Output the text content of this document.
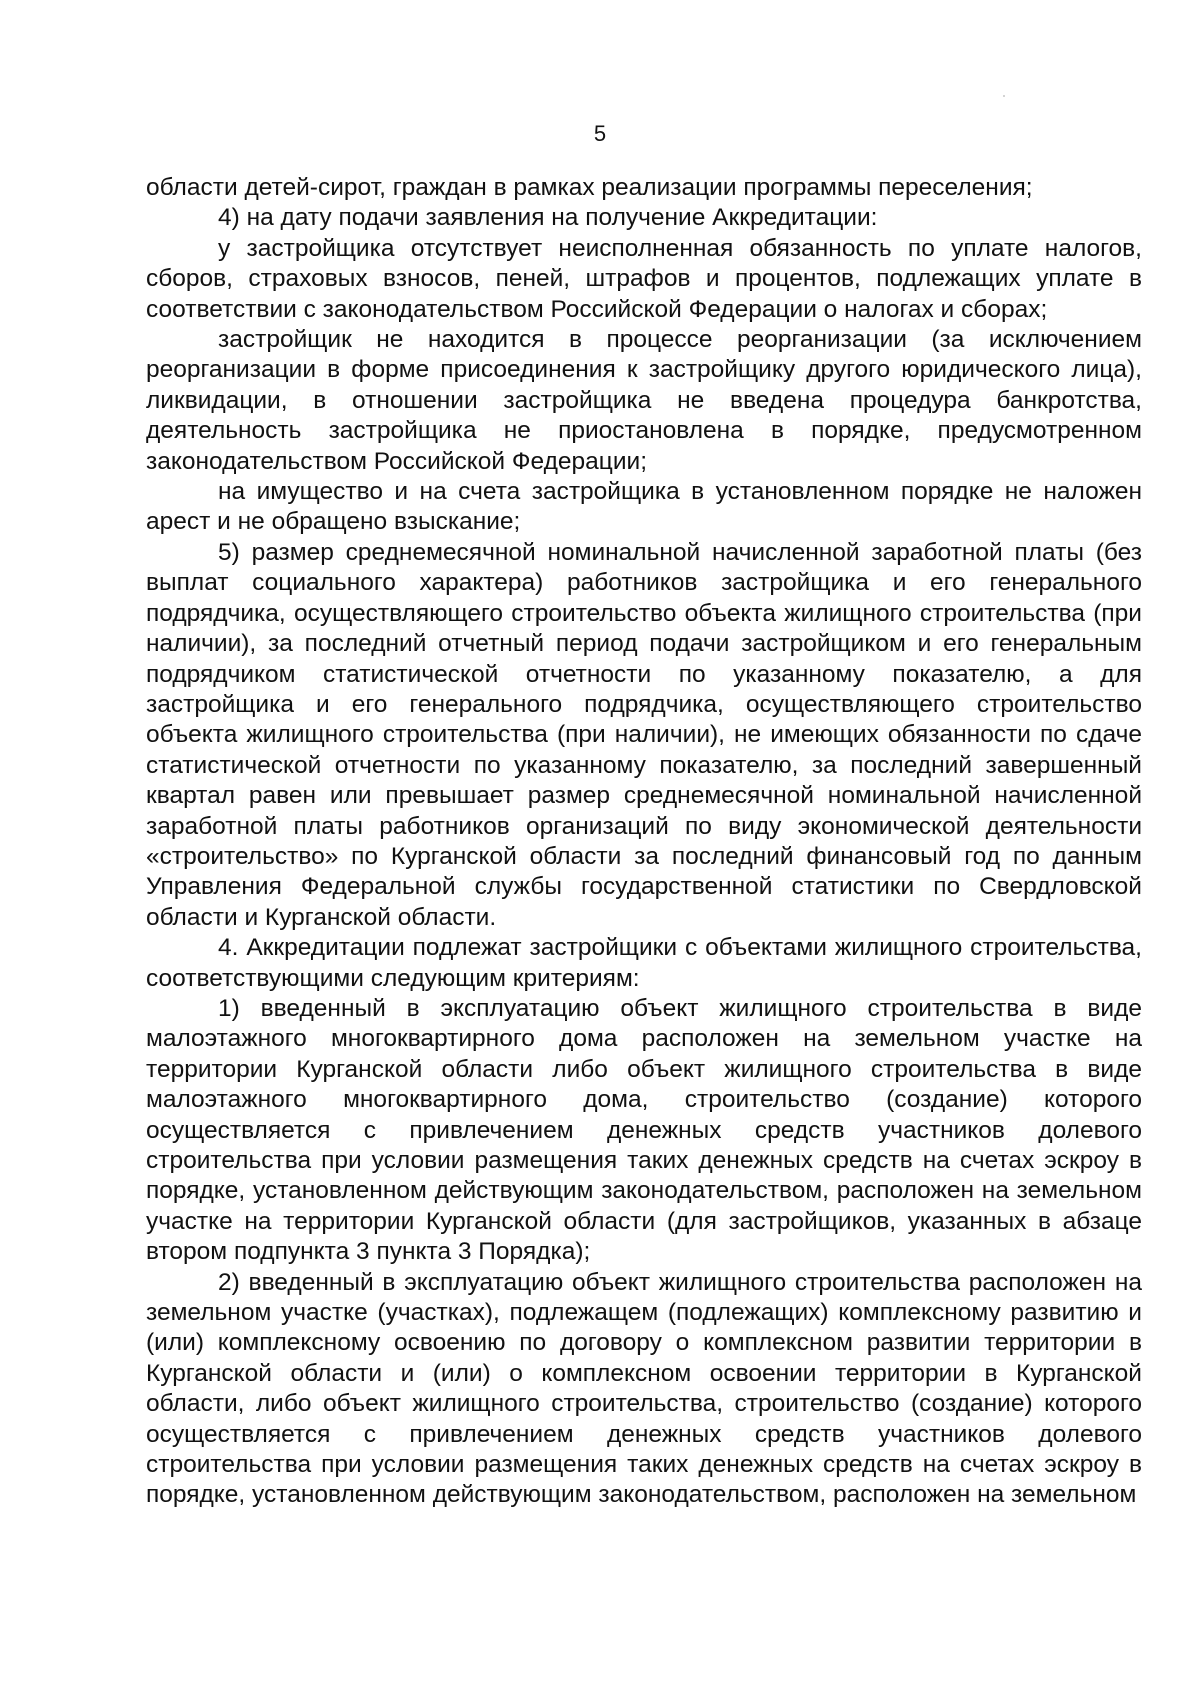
5

области детей-сирот, граждан в рамках реализации программы переселения;

4) на дату подачи заявления на получение Аккредитации:

у застройщика отсутствует неисполненная обязанность по уплате налогов, сборов, страховых взносов, пеней, штрафов и процентов, подлежащих уплате в соответствии с законодательством Российской Федерации о налогах и сборах;

застройщик не находится в процессе реорганизации (за исключением реорганизации в форме присоединения к застройщику другого юридического лица), ликвидации, в отношении застройщика не введена процедура банкротства, деятельность застройщика не приостановлена в порядке, предусмотренном законодательством Российской Федерации;

на имущество и на счета застройщика в установленном порядке не наложен арест и не обращено взыскание;

5) размер среднемесячной номинальной начисленной заработной платы (без выплат социального характера) работников застройщика и его генерального подрядчика, осуществляющего строительство объекта жилищного строительства (при наличии), за последний отчетный период подачи застройщиком и его генеральным подрядчиком статистической отчетности по указанному показателю, а для застройщика и его генерального подрядчика, осуществляющего строительство объекта жилищного строительства (при наличии), не имеющих обязанности по сдаче статистической отчетности по указанному показателю, за последний завершенный квартал равен или превышает размер среднемесячной номинальной начисленной заработной платы работников организаций по виду экономической деятельности «строительство» по Курганской области за последний финансовый год по данным Управления Федеральной службы государственной статистики по Свердловской области и Курганской области.

4. Аккредитации подлежат застройщики с объектами жилищного строительства, соответствующими следующим критериям:

1) введенный в эксплуатацию объект жилищного строительства в виде малоэтажного многоквартирного дома расположен на земельном участке на территории Курганской области либо объект жилищного строительства в виде малоэтажного многоквартирного дома, строительство (создание) которого осуществляется с привлечением денежных средств участников долевого строительства при условии размещения таких денежных средств на счетах эскроу в порядке, установленном действующим законодательством, расположен на земельном участке на территории Курганской области (для застройщиков, указанных в абзаце втором подпункта 3 пункта 3 Порядка);

2) введенный в эксплуатацию объект жилищного строительства расположен на земельном участке (участках), подлежащем (подлежащих) комплексному развитию и (или) комплексному освоению по договору о комплексном развитии территории в Курганской области и (или) о комплексном освоении территории в Курганской области, либо объект жилищного строительства, строительство (создание) которого осуществляется с привлечением денежных средств участников долевого строительства при условии размещения таких денежных средств на счетах эскроу в порядке, установленном действующим законодательством, расположен на земельном
